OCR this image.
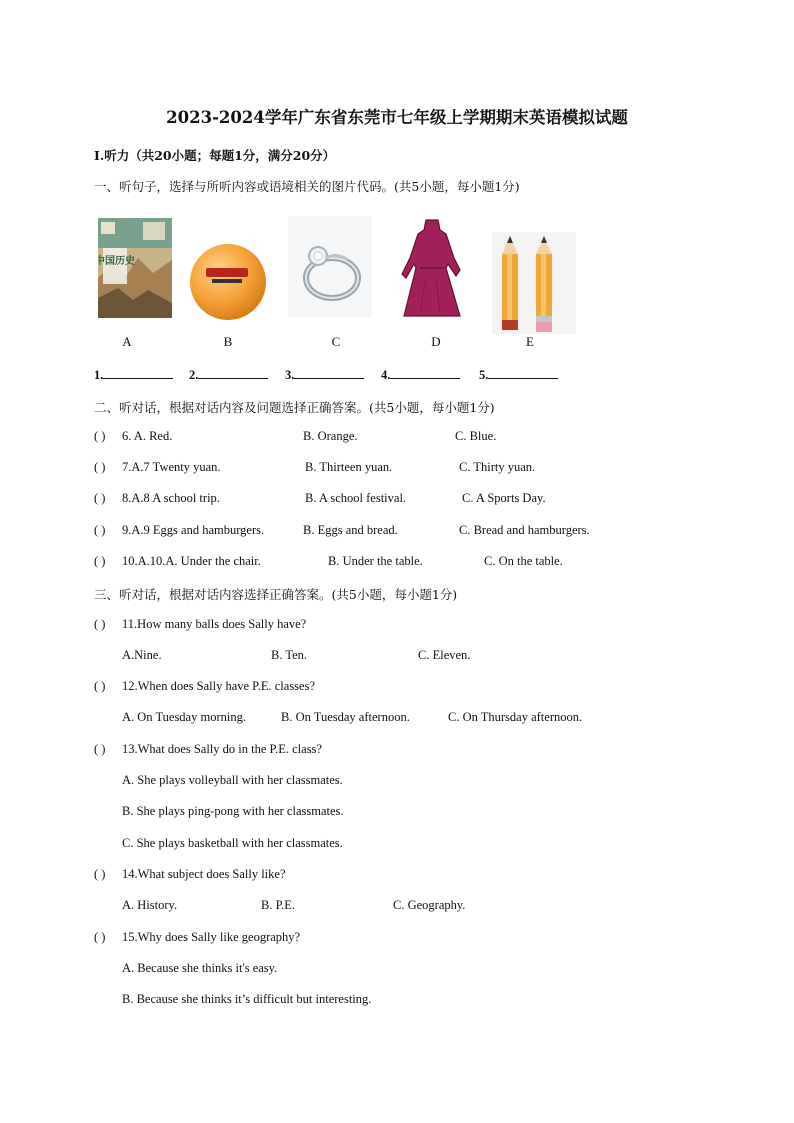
2023-2024学年广东省东莞市七年级上学期期末英语模拟试题
I.听力（共20小题；每题1分，满分20分）
一、听句子，选择与所听内容或语境相关的图片代码。(共5小题，每小题1分)
中国历史
A	B	C	D	E
1.	2.	3.	4.	5.
二、听对话，根据对话内容及问题选择正确答案。(共5小题，每小题1分)
( ) 6. A. Red.	B. Orange.	C. Blue.
( ) 7.A.7 Twenty yuan.	B. Thirteen yuan.	C. Thirty yuan.
( ) 8.A.8 A school trip.	B. A school festival.	C. A Sports Day.
( ) 9.A.9 Eggs and hamburgers.	B. Eggs and bread.	C. Bread and hamburgers.
( ) 10.A.10.A. Under the chair.	B. Under the table.	C. On the table.
三、听对话，根据对话内容选择正确答案。(共5小题，每小题1分)
( ) 11.How many balls does Sally have?
A.Nine.	B. Ten.	C. Eleven.
( ) 12.When does Sally have P.E. classes?
A. On Tuesday morning.	B. On Tuesday afternoon.	C. On Thursday afternoon.
( ) 13.What does Sally do in the P.E. class?
A. She plays volleyball with her classmates.
B. She plays ping-pong with her classmates.
C. She plays basketball with her classmates.
( ) 14.What subject does Sally like?
A. History.	B. P.E.	C. Geography.
( ) 15.Why does Sally like geography?
A. Because she thinks it's easy.
B. Because she thinks it’s difficult but interesting.
